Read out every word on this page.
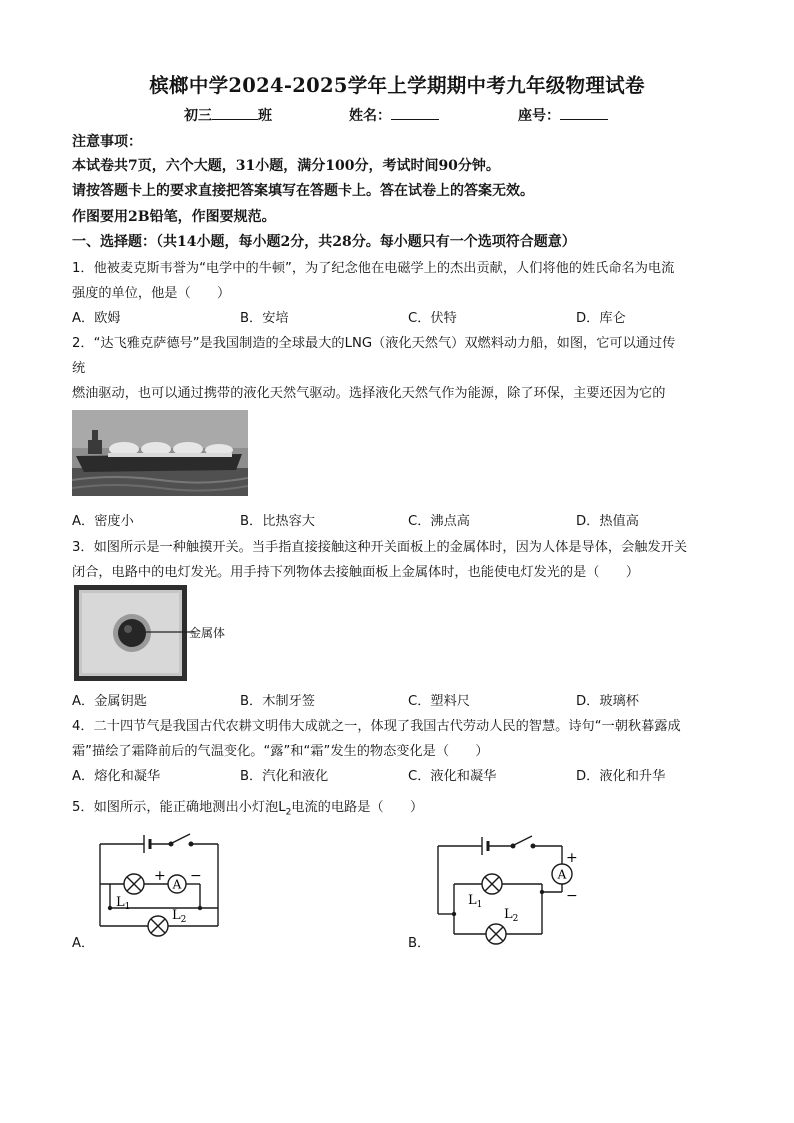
槟榔中学2024-2025学年上学期期中考九年级物理试卷
初三	班	姓名：	座号：
注意事项：
本试卷共7页，六个大题，31小题，满分100分，考试时间90分钟。
请按答题卡上的要求直接把答案填写在答题卡上。答在试卷上的答案无效。
作图要用2B铅笔，作图要规范。
一、选择题：（共14小题，每小题2分，共28分。每小题只有一个选项符合题意）
1．他被麦克斯韦誉为“电学中的牛顿”，为了纪念他在电磁学上的杰出贡献，人们将他的姓氏命名为电流
强度的单位，他是（　　）
A．欧姆	B．安培	C．伏特	D．库仑
2．“达飞雅克萨德号”是我国制造的全球最大的LNG（液化天然气）双燃料动力船，如图，它可以通过传
统
燃油驱动，也可以通过携带的液化天然气驱动。选择液化天然气作为能源，除了环保，主要还因为它的
A．密度小	B．比热容大	C．沸点高	D．热值高
3．如图所示是一种触摸开关。当手指直接接触这种开关面板上的金属体时，因为人体是导体，会触发开关
闭合，电路中的电灯发光。用手持下列物体去接触面板上金属体时，也能使电灯发光的是（　　）
金属体
A．金属钥匙	B．木制牙签	C．塑料尺	D．玻璃杯
4．二十四节气是我国古代农耕文明伟大成就之一，体现了我国古代劳动人民的智慧。诗句“一朝秋暮露成
霜”描绘了霜降前后的气温变化。“露”和“霜”发生的物态变化是（　　）
A．熔化和凝华	B．汽化和液化	C．液化和凝华	D．液化和升华
5．如图所示，能正确地测出小灯泡$L_2$电流的电路是（　　）
A
+ −
$L_1$
$L_2$
A．
A
+
−
$L_1$
$L_2$
B．
